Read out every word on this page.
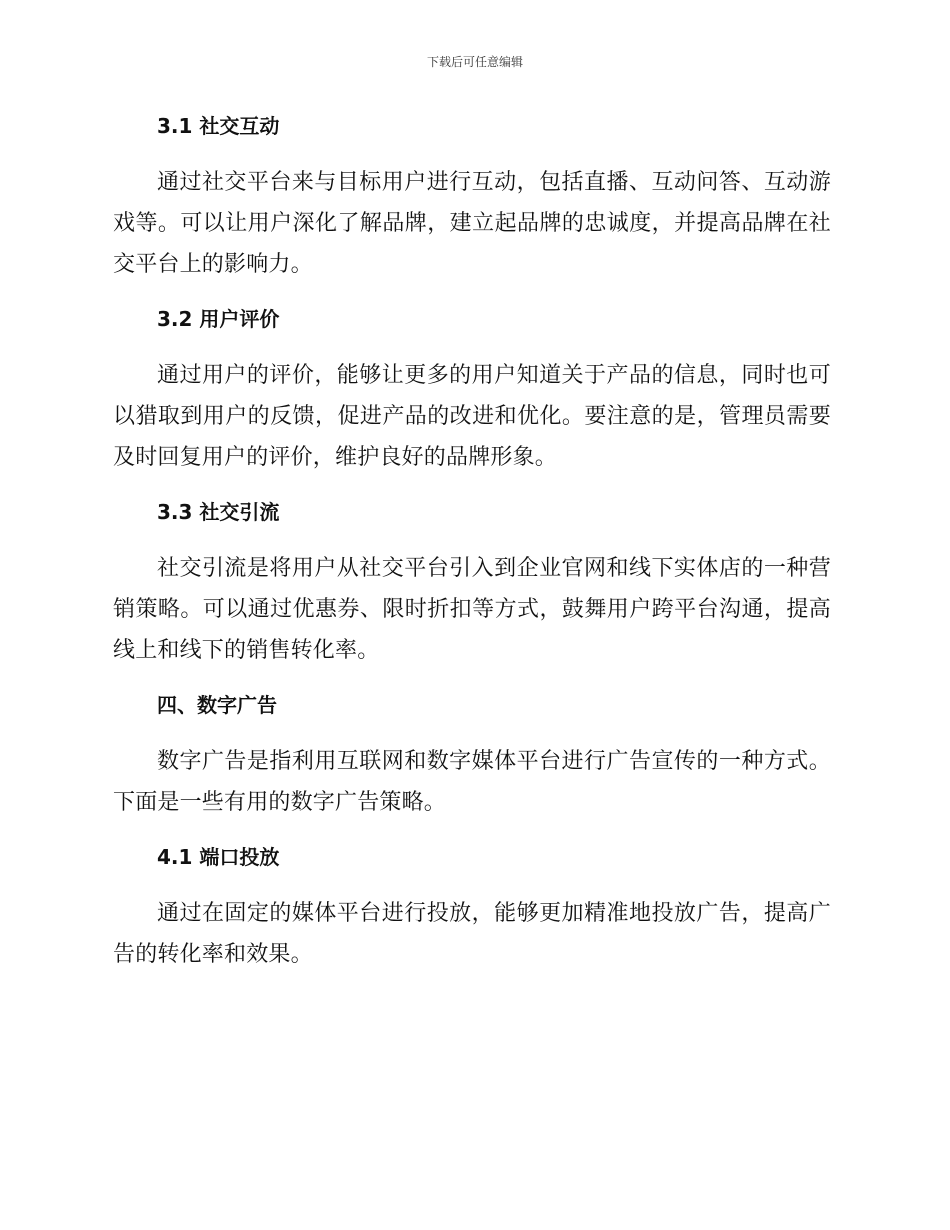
下载后可任意编辑
3.1 社交互动

通过社交平台来与目标用户进行互动，包括直播、互动问答、互动游戏等。可以让用户深化了解品牌，建立起品牌的忠诚度，并提高品牌在社交平台上的影响力。

3.2 用户评价

通过用户的评价，能够让更多的用户知道关于产品的信息，同时也可以猎取到用户的反馈，促进产品的改进和优化。要注意的是，管理员需要及时回复用户的评价，维护良好的品牌形象。

3.3 社交引流

社交引流是将用户从社交平台引入到企业官网和线下实体店的一种营销策略。可以通过优惠券、限时折扣等方式，鼓舞用户跨平台沟通，提高线上和线下的销售转化率。

四、数字广告

数字广告是指利用互联网和数字媒体平台进行广告宣传的一种方式。下面是一些有用的数字广告策略。

4.1 端口投放

通过在固定的媒体平台进行投放，能够更加精准地投放广告，提高广告的转化率和效果。
